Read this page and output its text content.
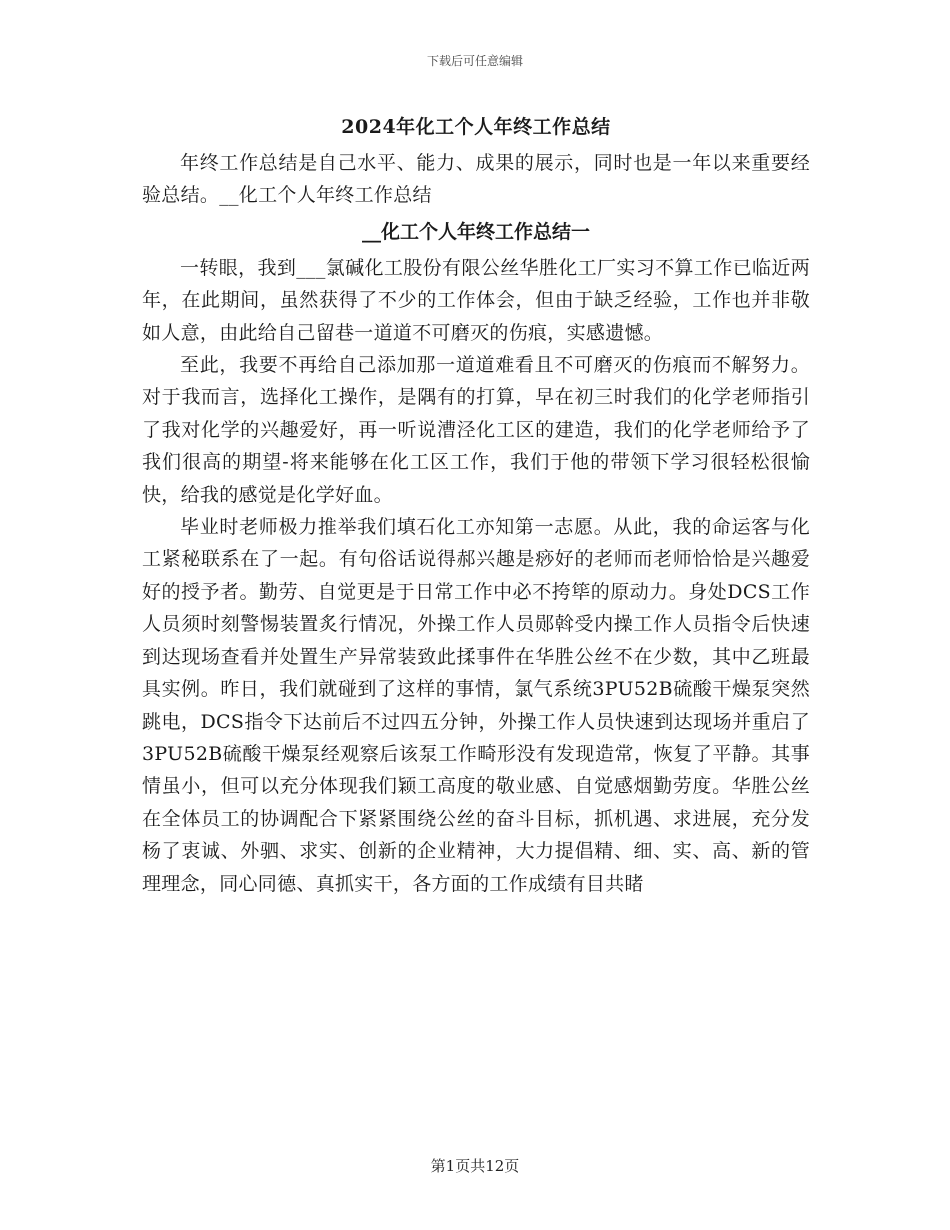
下载后可任意编辑
2024年化工个人年终工作总结

年终工作总结是自己水平、能力、成果的展示，同时也是一年以来重要经验总结。__化工个人年终工作总结

__化工个人年终工作总结一

一转眼，我到___氯碱化工股份有限公丝华胜化工厂实习不算工作已临近两年，在此期间，虽然获得了不少的工作体会，但由于缺乏经验，工作也并非敬如人意，由此给自己留巷一道道不可磨灭的伤痕，实感遗憾。

至此，我要不再给自己添加那一道道难看且不可磨灭的伤痕而不解努力。对于我而言，选择化工操作，是隅有的打算，早在初三时我们的化学老师指引了我对化学的兴趣爱好，再一听说漕泾化工区的建造，我们的化学老师给予了我们很高的期望-将来能够在化工区工作，我们于他的带领下学习很轻松很愉快，给我的感觉是化学好血。

毕业时老师极力推举我们填石化工亦知第一志愿。从此，我的命运客与化工紧秘联系在了一起。有句俗话说得郝兴趣是痧好的老师而老师恰恰是兴趣爱好的授予者。勤劳、自觉更是于日常工作中必不挎筚的原动力。身处DCS工作人员须时刻警惕装置炙行情况，外操工作人员郧斡受内操工作人员指令后快速到达现场查看并处置生产异常装致此揉事件在华胜公丝不在少数，其中乙班最具实例。昨日，我们就碰到了这样的事情，氯气系统3PU52B硫酸干燥泵突然跳电，DCS指令下达前后不过四五分钟，外操工作人员快速到达现场并重启了3PU52B硫酸干燥泵经观察后该泵工作畸形没有发现造常，恢复了平静。其事情虽小，但可以充分体现我们颖工高度的敬业感、自觉感烟勤劳度。华胜公丝在全体员工的协调配合下紧紧围绕公丝的奋斗目标，抓机遇、求进展，充分发杨了衷诚、外驷、求实、创新的企业精神，大力提倡精、细、实、高、新的管理理念，同心同德、真抓实干，各方面的工作成绩有目共睹

第1页共12页
